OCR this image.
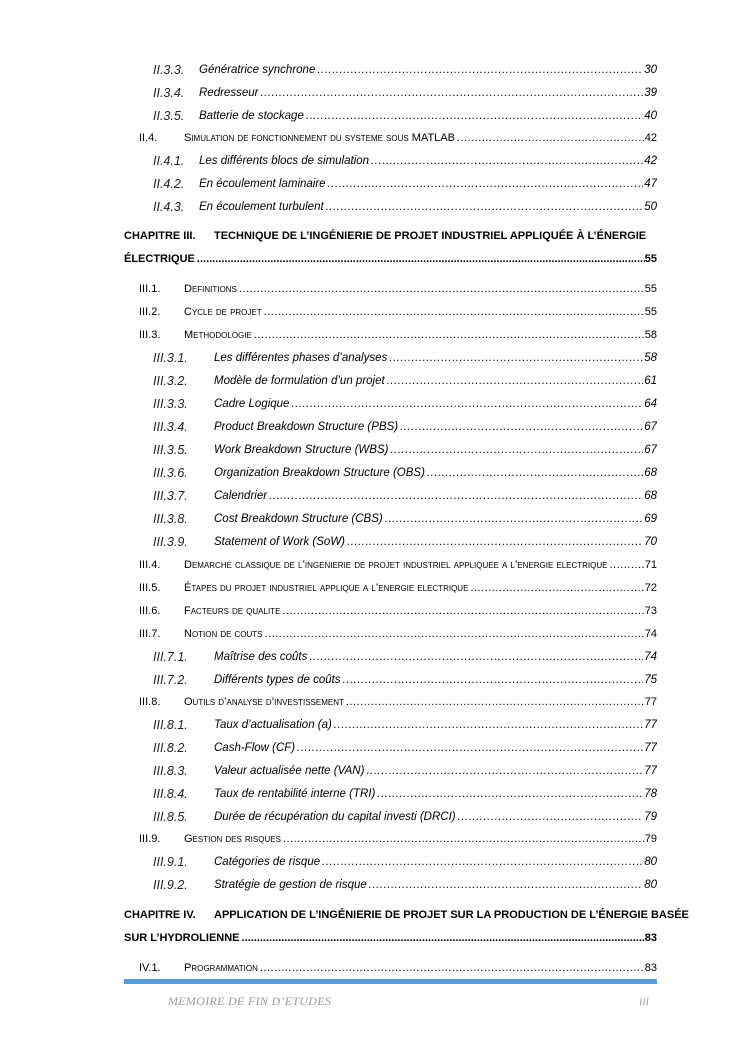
II.3.3. Génératrice synchrone .....	30
II.3.4. Redresseur .....	39
II.3.5. Batterie de stockage .....	40
II.4. Simulation de fonctionnement du systeme sous MATLAB .....	42
II.4.1. Les différents blocs de simulation .....	42
II.4.2. En écoulement laminaire .....	47
II.4.3. En écoulement turbulent .....	50
CHAPITRE III. TECHNIQUE DE L’INGÉNIERIE DE PROJET INDUSTRIEL APPLIQUÉE À L’ÉNERGIE
ÉLECTRIQUE .....	55
III.1. Definitions .....	55
III.2. Cycle de projet .....	55
III.3. Methodologie .....	58
III.3.1. Les différentes phases d’analyses .....	58
III.3.2. Modèle de formulation d’un projet .....	61
III.3.3. Cadre Logique .....	64
III.3.4. Product Breakdown Structure (PBS) .....	67
III.3.5. Work Breakdown Structure (WBS) .....	67
III.3.6. Organization Breakdown Structure (OBS) .....	68
III.3.7. Calendrier .....	68
III.3.8. Cost Breakdown Structure (CBS) .....	69
III.3.9. Statement of Work (SoW) .....	70
III.4. Demarche classique de l’ingenierie de projet industriel appliquee a l’energie electrique .....	71
III.5. Étapes du projet industriel applique a l’energie electrique .....	72
III.6. Facteurs de qualite .....	73
III.7. Notion de couts .....	74
III.7.1. Maîtrise des coûts .....	74
III.7.2. Différents types de coûts .....	75
III.8. Outils d’analyse d’investissement .....	77
III.8.1. Taux d’actualisation (a) .....	77
III.8.2. Cash-Flow (CF) .....	77
III.8.3. Valeur actualisée nette (VAN) .....	77
III.8.4. Taux de rentabilité interne (TRI) .....	78
III.8.5. Durée de récupération du capital investi (DRCI) .....	79
III.9. Gestion des risques .....	79
III.9.1. Catégories de risque .....	80
III.9.2. Stratégie de gestion de risque .....	80
CHAPITRE IV. APPLICATION DE L’INGÉNIERIE DE PROJET SUR LA PRODUCTION DE L’ÉNERGIE BASÉE
SUR L’HYDROLIENNE .....	83
IV.1. Programmation .....	83
MEMOIRE DE FIN D’ETUDES	iii
